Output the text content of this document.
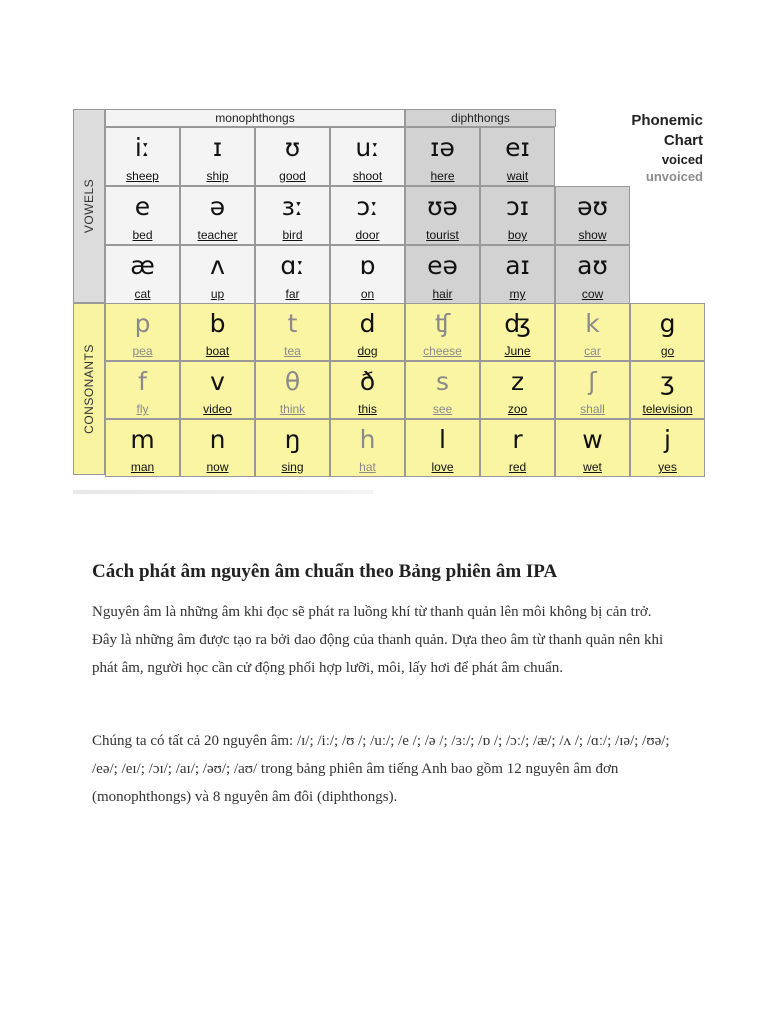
VOWELS
CONSONANTS
monophthongs	diphthongs	Phonemic
Chart
voiced
unvoiced
iː
sheep
ɪ
ship
ʊ
good
uː
shoot
ɪə
here
eɪ
wait
e
bed
ə
teacher
ɜː
bird
ɔː
door
ʊə
tourist
ɔɪ
boy
əʊ
show
æ
cat
ʌ
up
ɑː
far
ɒ
on
eə
hair
aɪ
my
aʊ
cow
p
pea
b
boat
t
tea
d
dog
ʧ
cheese
ʤ
June
k
car
g
go
f
fly
v
video
θ
think
ð
this
s
see
z
zoo
ʃ
shall
ʒ
television
m
man
n
now
ŋ
sing
h
hat
l
love
r
red
w
wet
j
yes
Cách phát âm nguyên âm chuẩn theo Bảng phiên âm IPA

Nguyên âm là những âm khi đọc sẽ phát ra luồng khí từ thanh quản lên môi không bị cản trở. Đây là những âm được tạo ra bởi dao động của thanh quản. Dựa theo âm từ thanh quản nên khi phát âm, người học cần cử động phối hợp lưỡi, môi, lấy hơi để phát âm chuẩn.

Chúng ta có tất cả 20 nguyên âm: /ɪ/; /iː/; /ʊ /; /uː/; /e /; /ə /; /ɜː/; /ɒ /; /ɔː/; /æ/; /ʌ /; /ɑː/; /ɪə/; /ʊə/; /eə/; /eɪ/; /ɔɪ/; /aɪ/; /əʊ/; /aʊ/ trong bảng phiên âm tiếng Anh bao gồm 12 nguyên âm đơn (monophthongs) và 8 nguyên âm đôi (diphthongs).
